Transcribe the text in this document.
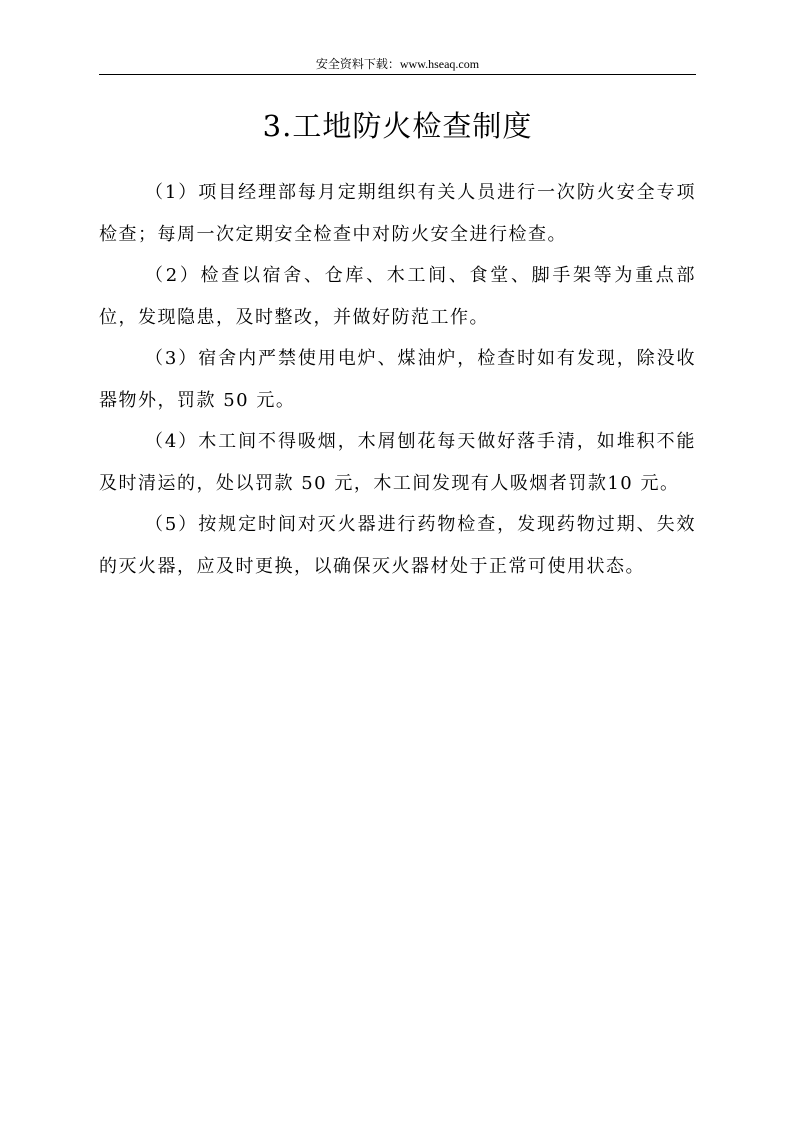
安全资料下载：www.hseaq.com
3.工地防火检查制度

（1）项目经理部每月定期组织有关人员进行一次防火安全专项检查；每周一次定期安全检查中对防火安全进行检查。

（2）检查以宿舍、仓库、木工间、食堂、脚手架等为重点部位，发现隐患，及时整改，并做好防范工作。

（3）宿舍内严禁使用电炉、煤油炉，检查时如有发现，除没收器物外，罚款 50 元。

（4）木工间不得吸烟，木屑刨花每天做好落手清，如堆积不能及时清运的，处以罚款 50 元，木工间发现有人吸烟者罚款10 元。

（5）按规定时间对灭火器进行药物检查，发现药物过期、失效的灭火器，应及时更换，以确保灭火器材处于正常可使用状态。
